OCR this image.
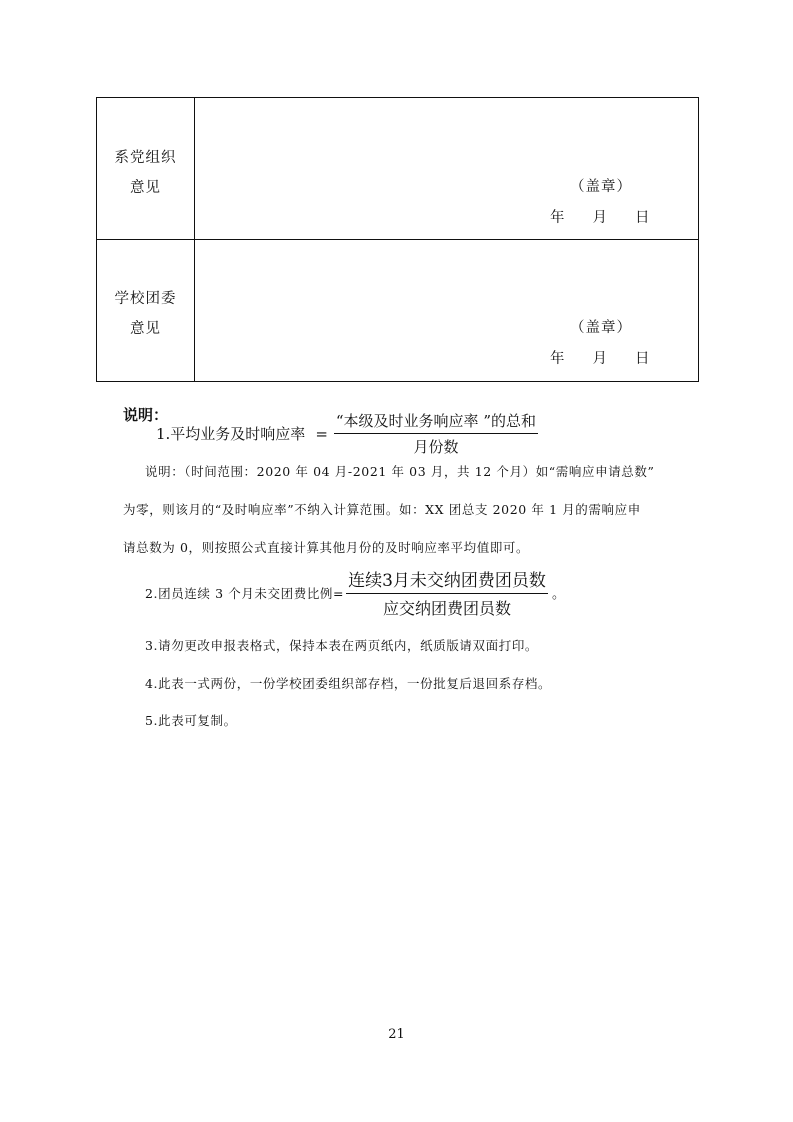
系党组织
意见	（盖章）
年 月 日
学校团委
意见	（盖章）
年 月 日
说明：
1.平均业务及时响应率 = $\frac{\text{“本级及时业务响应率 ”的总和}}{\text{月份数}}$
说明：（时间范围：2020 年 04 月-2021 年 03 月，共 12 个月）如“需响应申请总数”
为零，则该月的“及时响应率”不纳入计算范围。如：XX 团总支 2020 年 1 月的需响应申
请总数为 0，则按照公式直接计算其他月份的及时响应率平均值即可。
2.团员连续 3 个月未交团费比例= $\frac{\text{连续3月未交纳团费团员数}}{\text{应交纳团费团员数}}$ 。
3.请勿更改申报表格式，保持本表在两页纸内，纸质版请双面打印。
4.此表一式两份，一份学校团委组织部存档，一份批复后退回系存档。
5.此表可复制。
21
